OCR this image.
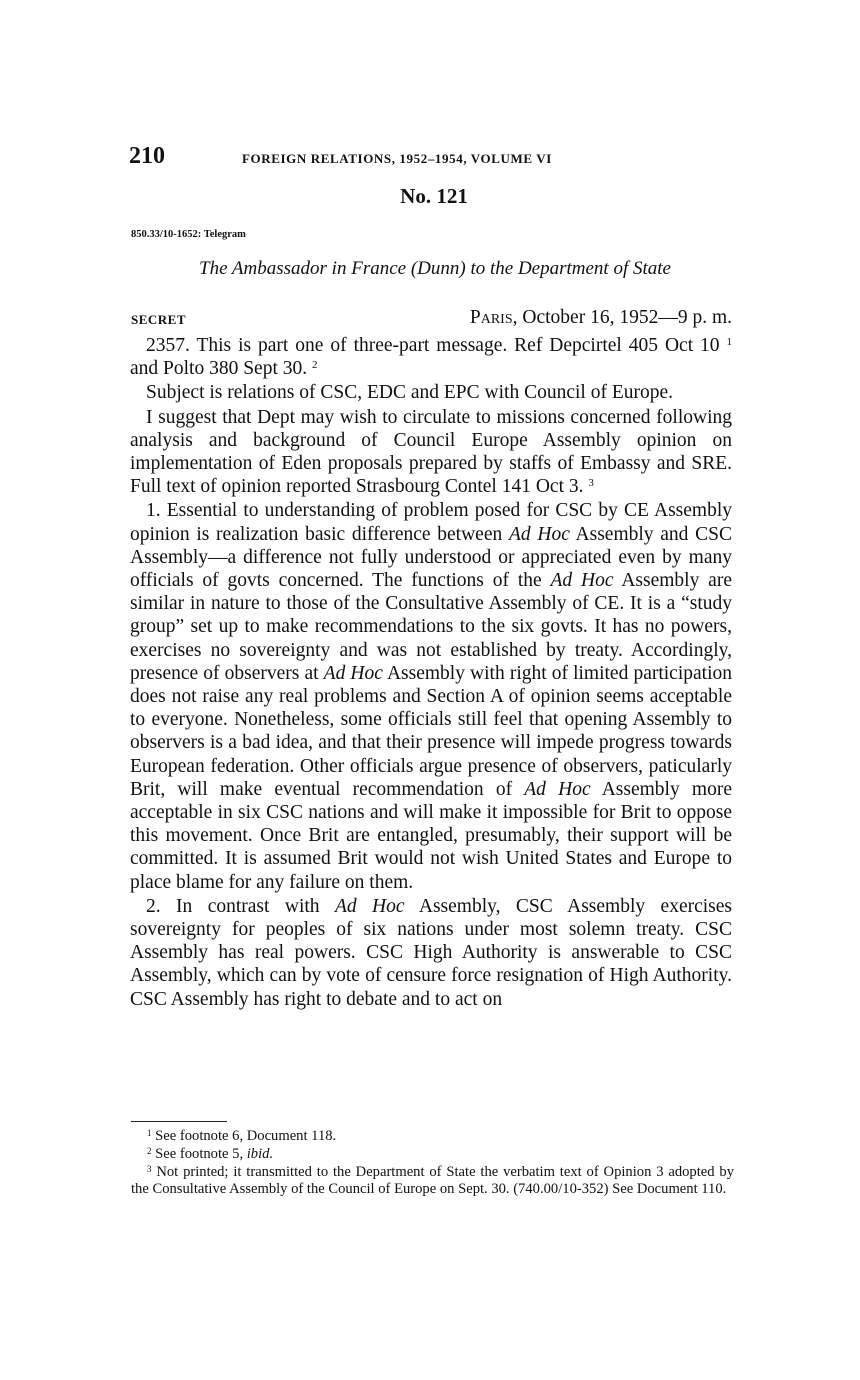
210	FOREIGN RELATIONS, 1952–1954, VOLUME VI
No. 121
850.33/10-1652: Telegram
The Ambassador in France (Dunn) to the Department of State
SECRET	Paris, October 16, 1952—9 p. m.

2357. This is part one of three-part message. Ref Depcirtel 405 Oct 10 $^1$ and Polto 380 Sept 30. $^2$

Subject is relations of CSC, EDC and EPC with Council of Europe.

I suggest that Dept may wish to circulate to missions concerned following analysis and background of Council Europe Assembly opinion on implementation of Eden proposals prepared by staffs of Embassy and SRE. Full text of opinion reported Strasbourg Contel 141 Oct 3. $^3$

1. Essential to understanding of problem posed for CSC by CE Assembly opinion is realization basic difference between Ad Hoc Assembly and CSC Assembly—a difference not fully understood or appreciated even by many officials of govts concerned. The functions of the Ad Hoc Assembly are similar in nature to those of the Consultative Assembly of CE. It is a “study group” set up to make recommendations to the six govts. It has no powers, exercises no sovereignty and was not established by treaty. Accordingly, presence of observers at Ad Hoc Assembly with right of limited participation does not raise any real problems and Section A of opinion seems acceptable to everyone. Nonetheless, some officials still feel that opening Assembly to observers is a bad idea, and that their presence will impede progress towards European federation. Other officials argue presence of observers, paticularly Brit, will make eventual recommendation of Ad Hoc Assembly more acceptable in six CSC nations and will make it impossible for Brit to oppose this movement. Once Brit are entangled, presumably, their support will be committed. It is assumed Brit would not wish United States and Europe to place blame for any failure on them.

2. In contrast with Ad Hoc Assembly, CSC Assembly exercises sovereignty for peoples of six nations under most solemn treaty. CSC Assembly has real powers. CSC High Authority is answerable to CSC Assembly, which can by vote of censure force resignation of High Authority. CSC Assembly has right to debate and to act on

$^1$ See footnote 6, Document 118.

$^2$ See footnote 5, ibid.

$^3$ Not printed; it transmitted to the Department of State the verbatim text of Opinion 3 adopted by the Consultative Assembly of the Council of Europe on Sept. 30. (740.00/10-352) See Document 110.
